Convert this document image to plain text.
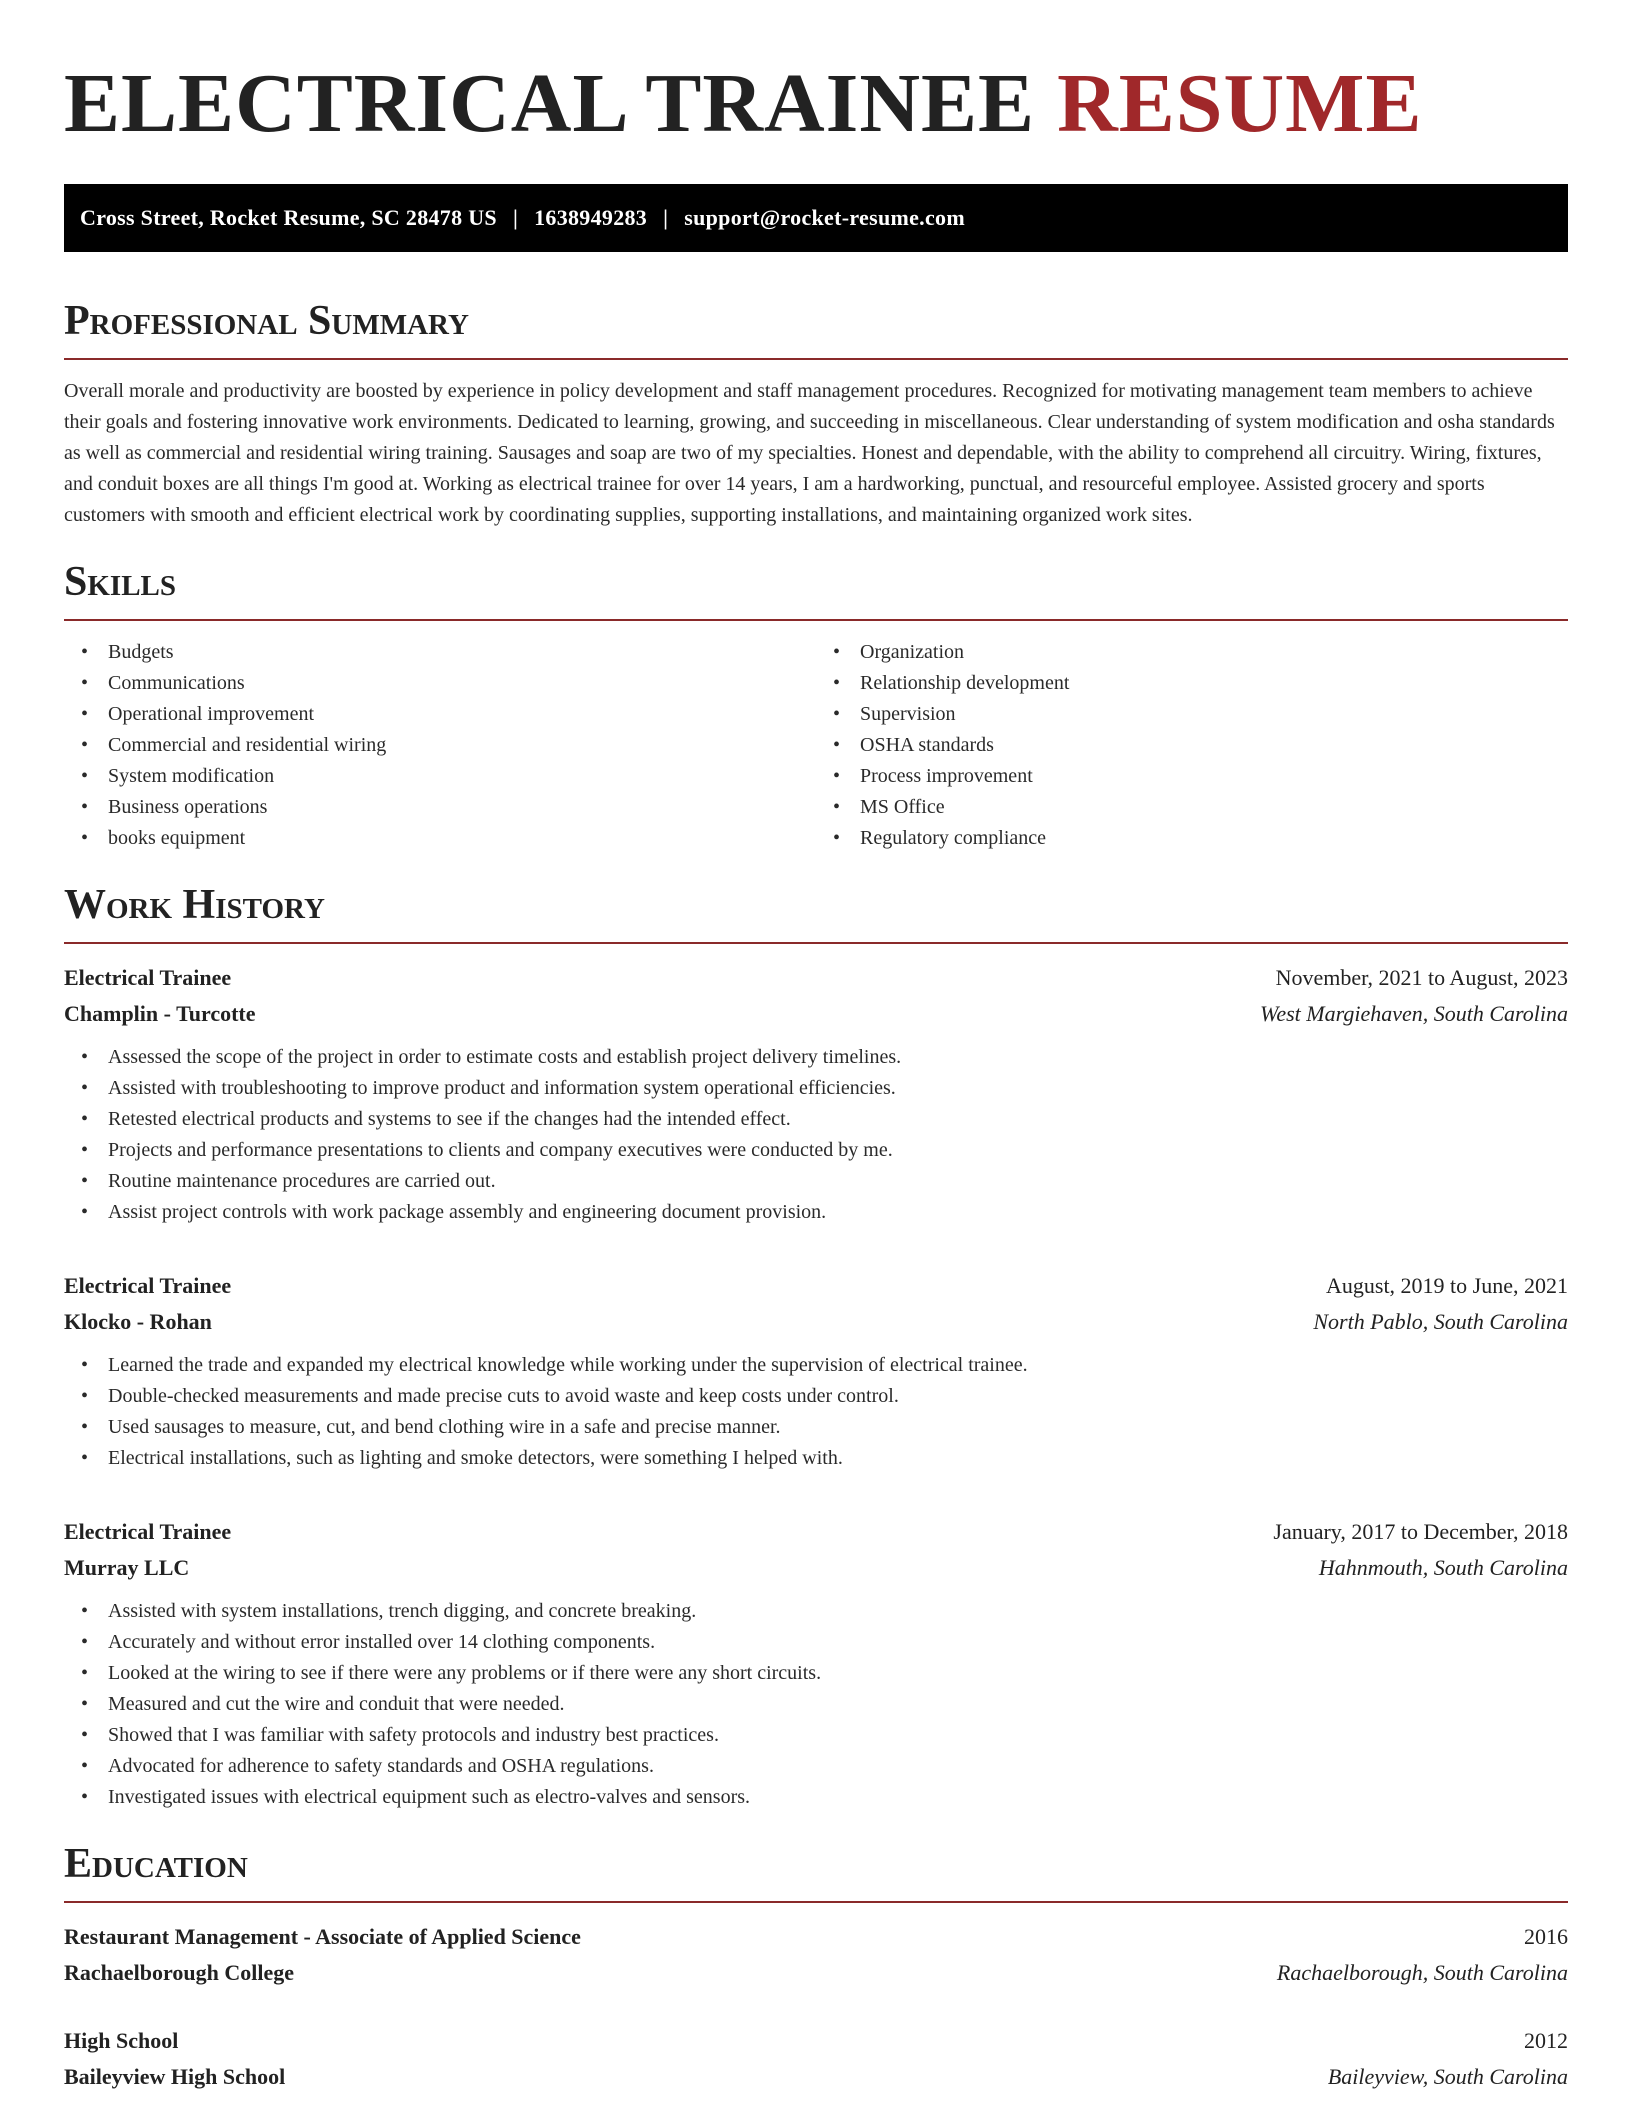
ELECTRICAL TRAINEE RESUME
Cross Street, Rocket Resume, SC 28478 US | 1638949283 | support@rocket-resume.com
Professional Summary

Overall morale and productivity are boosted by experience in policy development and staff management procedures. Recognized for motivating management team members to achieve their goals and fostering innovative work environments. Dedicated to learning, growing, and succeeding in miscellaneous. Clear understanding of system modification and osha standards as well as commercial and residential wiring training. Sausages and soap are two of my specialties. Honest and dependable, with the ability to comprehend all circuitry. Wiring, fixtures, and conduit boxes are all things I'm good at. Working as electrical trainee for over 14 years, I am a hardworking, punctual, and resourceful employee. Assisted grocery and sports customers with smooth and efficient electrical work by coordinating supplies, supporting installations, and maintaining organized work sites.

Skills
• Budgets
• Communications
• Operational improvement
• Commercial and residential wiring
• System modification
• Business operations
• books equipment
• Organization
• Relationship development
• Supervision
• OSHA standards
• Process improvement
• MS Office
• Regulatory compliance
Work History
Electrical Trainee	November, 2021 to August, 2023
Champlin - Turcotte	West Margiehaven, South Carolina
• Assessed the scope of the project in order to estimate costs and establish project delivery timelines.
• Assisted with troubleshooting to improve product and information system operational efficiencies.
• Retested electrical products and systems to see if the changes had the intended effect.
• Projects and performance presentations to clients and company executives were conducted by me.
• Routine maintenance procedures are carried out.
• Assist project controls with work package assembly and engineering document provision.
Electrical Trainee	August, 2019 to June, 2021
Klocko - Rohan	North Pablo, South Carolina
• Learned the trade and expanded my electrical knowledge while working under the supervision of electrical trainee.
• Double-checked measurements and made precise cuts to avoid waste and keep costs under control.
• Used sausages to measure, cut, and bend clothing wire in a safe and precise manner.
• Electrical installations, such as lighting and smoke detectors, were something I helped with.
Electrical Trainee	January, 2017 to December, 2018
Murray LLC	Hahnmouth, South Carolina
• Assisted with system installations, trench digging, and concrete breaking.
• Accurately and without error installed over 14 clothing components.
• Looked at the wiring to see if there were any problems or if there were any short circuits.
• Measured and cut the wire and conduit that were needed.
• Showed that I was familiar with safety protocols and industry best practices.
• Advocated for adherence to safety standards and OSHA regulations.
• Investigated issues with electrical equipment such as electro-valves and sensors.
Education
Restaurant Management - Associate of Applied Science	2016
Rachaelborough College	Rachaelborough, South Carolina
High School	2012
Baileyview High School	Baileyview, South Carolina
